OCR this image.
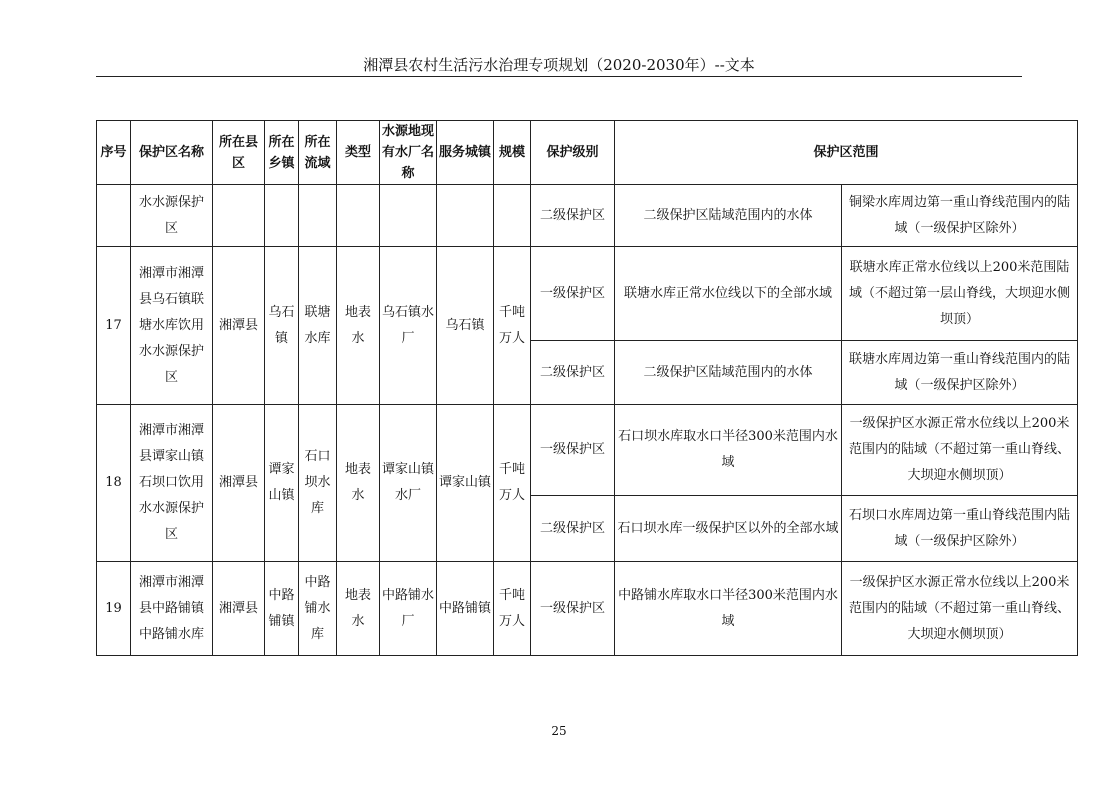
湘潭县农村生活污水治理专项规划（2020-2030年）--文本
序号	保护区名称	所在县区	所在乡镇	所在流域	类型	水源地现有水厂名称	服务城镇	规模	保护级别	保护区范围	
	水水源保护区								二级保护区	二级保护区陆域范围内的水体	铜梁水库周边第一重山脊线范围内的陆域（一级保护区除外）
17	湘潭市湘潭县乌石镇联塘水库饮用水水源保护区	湘潭县	乌石镇	联塘水库	地表水	乌石镇水厂	乌石镇	千吨万人	一级保护区	联塘水库正常水位线以下的全部水域	联塘水库正常水位线以上200米范围陆域（不超过第一层山脊线，大坝迎水侧坝顶）
									二级保护区	二级保护区陆域范围内的水体	联塘水库周边第一重山脊线范围内的陆域（一级保护区除外）
18	湘潭市湘潭县谭家山镇石坝口饮用水水源保护区	湘潭县	谭家山镇	石口坝水库	地表水	谭家山镇水厂	谭家山镇	千吨万人	一级保护区	石口坝水库取水口半径300米范围内水域	一级保护区水源正常水位线以上200米范围内的陆域（不超过第一重山脊线、大坝迎水侧坝顶）
									二级保护区	石口坝水库一级保护区以外的全部水域	石坝口水库周边第一重山脊线范围内陆域（一级保护区除外）
19	湘潭市湘潭县中路铺镇中路铺水库	湘潭县	中路铺镇	中路铺水库	地表水	中路铺水厂	中路铺镇	千吨万人	一级保护区	中路铺水库取水口半径300米范围内水域	一级保护区水源正常水位线以上200米范围内的陆域（不超过第一重山脊线、大坝迎水侧坝顶）
25
